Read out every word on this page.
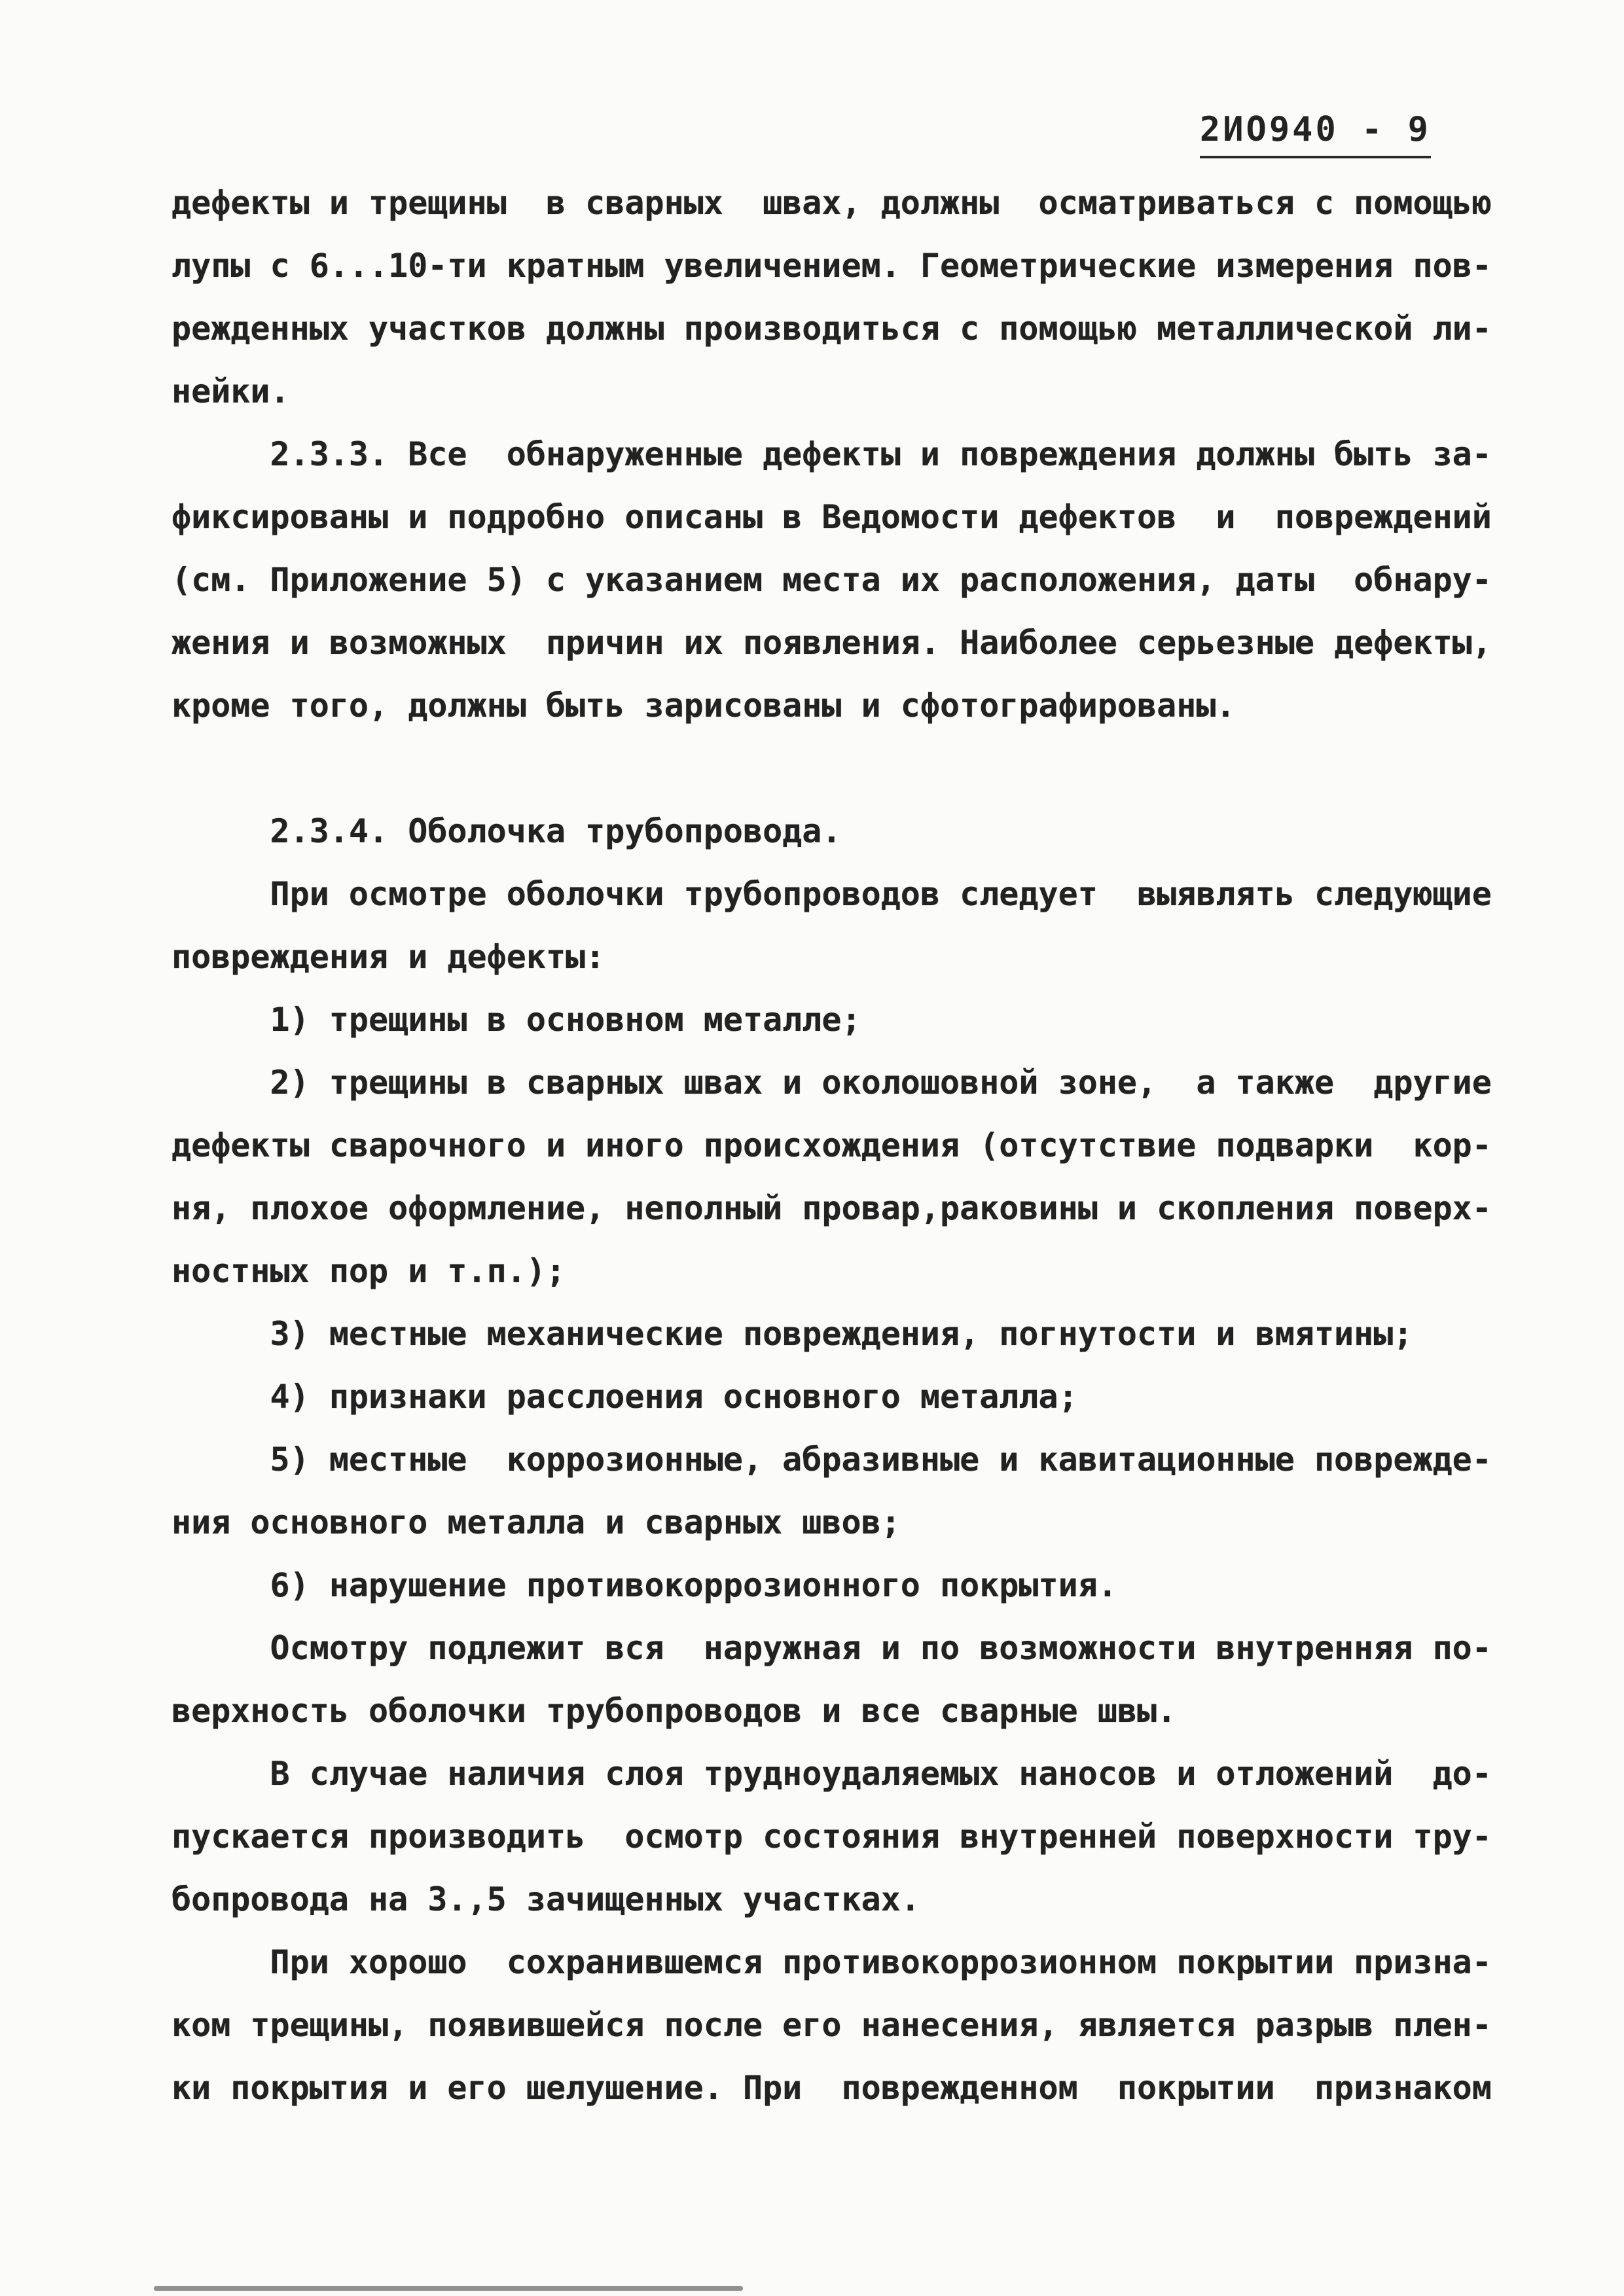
2ИО940 - 9
дефекты и трещины  в сварных  швах, должны  осматриваться с помощью
лупы с 6...10-ти кратным увеличением. Геометрические измерения пов-
режденных участков должны производиться с помощью металлической ли-
нейки.
2.3.3. Все  обнаруженные дефекты и повреждения должны быть за-
фиксированы и подробно описаны в Ведомости дефектов  и  повреждений
(см. Приложение 5) с указанием места их расположения, даты  обнару-
жения и возможных  причин их появления. Наиболее серьезные дефекты,
кроме того, должны быть зарисованы и сфотографированы.
2.3.4. Оболочка трубопровода.
При осмотре оболочки трубопроводов следует  выявлять следующие
повреждения и дефекты:
1) трещины в основном металле;
2) трещины в сварных швах и околошовной зоне,  а также  другие
дефекты сварочного и иного происхождения (отсутствие подварки  кор-
ня, плохое оформление, неполный провар,раковины и скопления поверх-
ностных пор и т.п.);
3) местные механические повреждения, погнутости и вмятины;
4) признаки расслоения основного металла;
5) местные  коррозионные, абразивные и кавитационные поврежде-
ния основного металла и сварных швов;
6) нарушение противокоррозионного покрытия.
Осмотру подлежит вся  наружная и по возможности внутренняя по-
верхность оболочки трубопроводов и все сварные швы.
В случае наличия слоя трудноудаляемых наносов и отложений  до-
пускается производить  осмотр состояния внутренней поверхности тру-
бопровода на 3.,5 зачищенных участках.
При хорошо  сохранившемся противокоррозионном покрытии призна-
ком трещины, появившейся после его нанесения, является разрыв плен-
ки покрытия и его шелушение. При  поврежденном  покрытии  признаком
